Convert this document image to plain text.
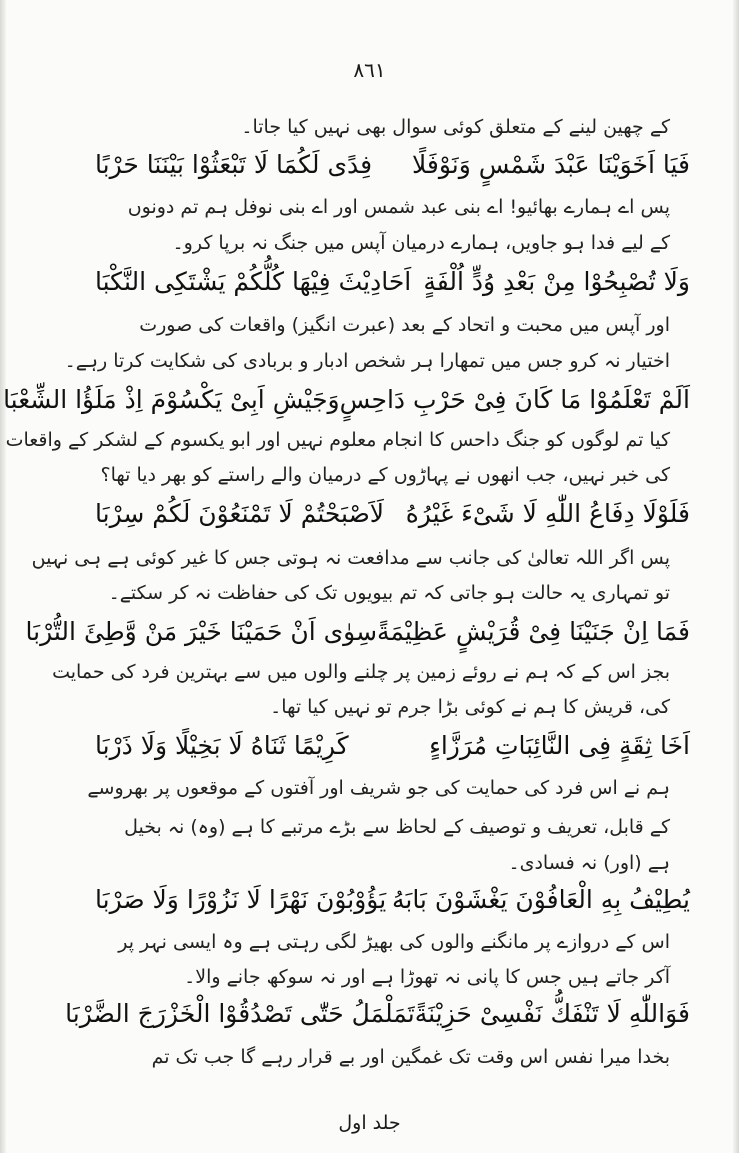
٨٦١
کے چھین لینے کے متعلق کوئی سوال بھی نہیں کیا جاتا۔
فَیَا اَخَوَیْنَا عَبْدَ شَمْسٍ وَنَوْفَلًا
فِدًی لَکُمَا لَا تَبْعَثُوْا بَیْنَنَا حَرْبًا
پس اے ہمارے بھائیو! اے بنی عبد شمس اور اے بنی نوفل ہم تم دونوں
کے لیے فدا ہو جاویں، ہمارے درمیان آپس میں جنگ نہ برپا کرو۔
وَلَا تُصْبِحُوْا مِنْ بَعْدِ وُدٍّ اُلْفَةٍ
اَحَادِیْثَ فِیْهَا کُلُّکُمْ یَشْتَکِی النَّکْبَا
اور آپس میں محبت و اتحاد کے بعد (عبرت انگیز) واقعات کی صورت
اختیار نہ کرو جس میں تمھارا ہر شخص ادبار و بربادی کی شکایت کرتا رہے۔
اَلَمْ تَعْلَمُوْا مَا کَانَ فِیْ حَرْبِ دَاحِسٍ
وَجَیْشِ اَبِیْ یَکْسُوْمَ اِذْ مَلَؤُا الشِّعْبَا
کیا تم لوگوں کو جنگ داحس کا انجام معلوم نہیں اور ابو یکسوم کے لشکر کے واقعات
کی خبر نہیں، جب انھوں نے پہاڑوں کے درمیان والے راستے کو بھر دیا تھا؟
فَلَوْلَا دِفَاعُ اللّٰهِ لَا شَیْءَ غَیْرُهُ
لَاَصْبَحْتُمْ لَا تَمْنَعُوْنَ لَکُمْ سِرْبَا
پس اگر اللہ تعالیٰ کی جانب سے مدافعت نہ ہوتی جس کا غیر کوئی ہے ہی نہیں
تو تمہاری یہ حالت ہو جاتی کہ تم بیویوں تک کی حفاظت نہ کر سکتے۔
فَمَا اِنْ جَنَیْنَا فِیْ قُرَیْشٍ عَظِیْمَةً
سِوٰی اَنْ حَمَیْنَا خَیْرَ مَنْ وَّطِئَ التُّرْبَا
بجز اس کے کہ ہم نے روئے زمین پر چلنے والوں میں سے بہترین فرد کی حمایت
کی، قریش کا ہم نے کوئی بڑا جرم تو نہیں کیا تھا۔
اَخَا ثِقَةٍ فِی النَّائِبَاتِ مُرَزَّاءٍ
کَرِیْمًا ثَنَاهُ لَا بَخِیْلًا وَلَا ذَرْبَا
ہم نے اس فرد کی حمایت کی جو شریف اور آفتوں کے موقعوں پر بھروسے
کے قابل، تعریف و توصیف کے لحاظ سے بڑے مرتبے کا ہے (وہ) نہ بخیل
ہے (اور) نہ فسادی۔
یُطِیْفُ بِهِ الْعَافُوْنَ یَغْشَوْنَ بَابَهُ
یَؤُوْبُوْنَ نَهْرًا لَا نَزُوْرًا وَلَا صَرْبَا
اس کے دروازے پر مانگنے والوں کی بھیڑ لگی رہتی ہے وہ ایسی نہر پر
آکر جاتے ہیں جس کا پانی نہ تھوڑا ہے اور نہ سوکھ جانے والا۔
فَوَاللّٰهِ لَا تَنْفَكُّ نَفْسِیْ حَزِیْنَةً
تَمَلْمَلُ حَتّٰی تَصْدُقُوْا الْخَزْرَجَ الضَّرْبَا
بخدا میرا نفس اس وقت تک غمگین اور بے قرار رہے گا جب تک تم
جلد اول
